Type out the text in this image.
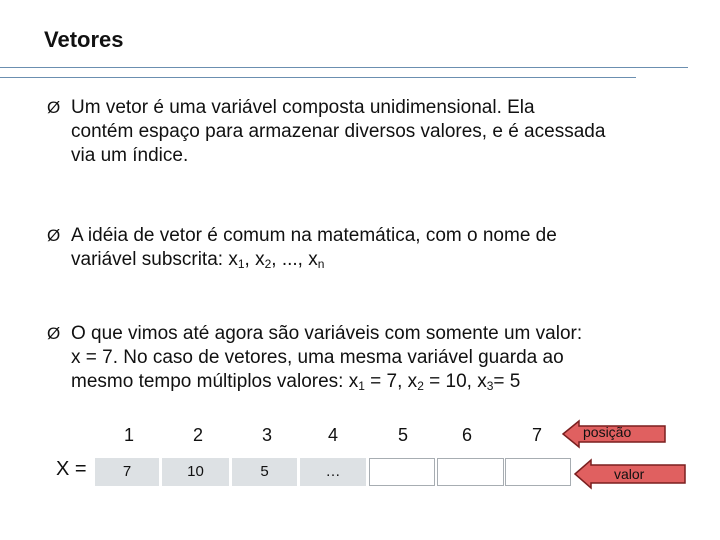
Vetores
Ø Um vetor é uma variável composta unidimensional. Ela
contém espaço para armazenar diversos valores, e é acessada
via um índice.
Ø A idéia de vetor é comum na matemática, com o nome de
variável subscrita: $x_1$, $x_2$, ..., $x_n$
Ø O que vimos até agora são variáveis com somente um valor:
x = 7. No caso de vetores, uma mesma variável guarda ao
mesmo tempo múltiplos valores: $x_1 = 7$, $x_2 = 10$, $x_3= 5$
1	2	3	4	5	6	7
X =	7	10	5	…
posição
valor
